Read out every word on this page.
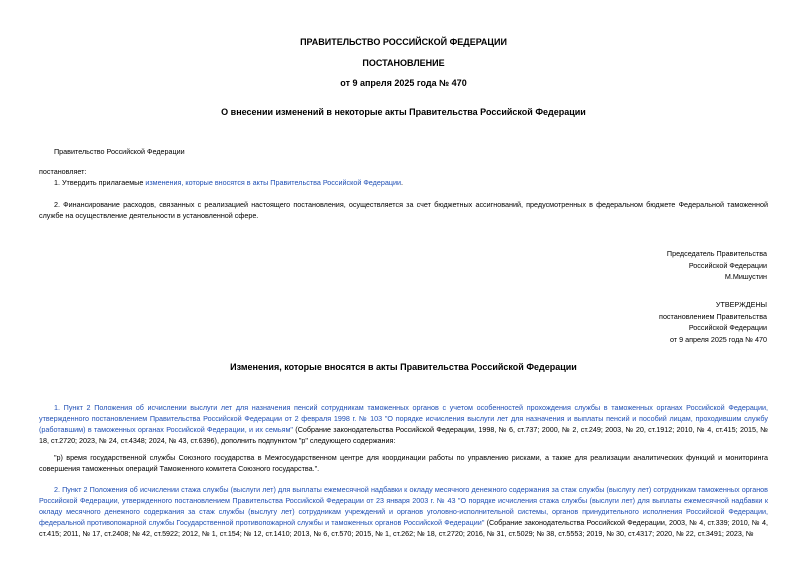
ПРАВИТЕЛЬСТВО РОССИЙСКОЙ ФЕДЕРАЦИИ
ПОСТАНОВЛЕНИЕ
от 9 апреля 2025 года № 470
О внесении изменений в некоторые акты Правительства Российской Федерации
Правительство Российской Федерации
постановляет:
1. Утвердить прилагаемые изменения, которые вносятся в акты Правительства Российской Федерации.
2. Финансирование расходов, связанных с реализацией настоящего постановления, осуществляется за счет бюджетных ассигнований, предусмотренных в федеральном бюджете Федеральной таможенной службе на осуществление деятельности в установленной сфере.
Председатель Правительства
Российской Федерации
М.Мишустин
УТВЕРЖДЕНЫ
постановлением Правительства
Российской Федерации
от 9 апреля 2025 года № 470
Изменения, которые вносятся в акты Правительства Российской Федерации
1. Пункт 2 Положения об исчислении выслуги лет для назначения пенсий сотрудникам таможенных органов с учетом особенностей прохождения службы в таможенных органах Российской Федерации, утвержденного постановлением Правительства Российской Федерации от 2 февраля 1998 г. № 103 "О порядке исчисления выслуги лет для назначения и выплаты пенсий и пособий лицам, проходившим службу (работавшим) в таможенных органах Российской Федерации, и их семьям" (Собрание законодательства Российской Федерации, 1998, № 6, ст.737; 2000, № 2, ст.249; 2003, № 20, ст.1912; 2010, № 4, ст.415; 2015, № 18, ст.2720; 2023, № 24, ст.4348; 2024, № 43, ст.6396), дополнить подпунктом "р" следующего содержания:
"р) время государственной службы Союзного государства в Межгосударственном центре для координации работы по управлению рисками, а также для реализации аналитических функций и мониторинга совершения таможенных операций Таможенного комитета Союзного государства.".
2. Пункт 2 Положения об исчислении стажа службы (выслуги лет) для выплаты ежемесячной надбавки к окладу месячного денежного содержания за стаж службы (выслугу лет) сотрудникам таможенных органов Российской Федерации, утвержденного постановлением Правительства Российской Федерации от 23 января 2003 г. № 43 "О порядке исчисления стажа службы (выслуги лет) для выплаты ежемесячной надбавки к окладу месячного денежного содержания за стаж службы (выслугу лет) сотрудникам учреждений и органов уголовно-исполнительной системы, органов принудительного исполнения Российской Федерации, федеральной противопожарной службы Государственной противопожарной службы и таможенных органов Российской Федерации" (Собрание законодательства Российской Федерации, 2003, № 4, ст.339; 2010, № 4, ст.415; 2011, № 17, ст.2408; № 42, ст.5922; 2012, № 1, ст.154; № 12, ст.1410; 2013, № 6, ст.570; 2015, № 1, ст.262; № 18, ст.2720; 2016, № 31, ст.5029; № 38, ст.5553; 2019, № 30, ст.4317; 2020, № 22, ст.3491; 2023, №
